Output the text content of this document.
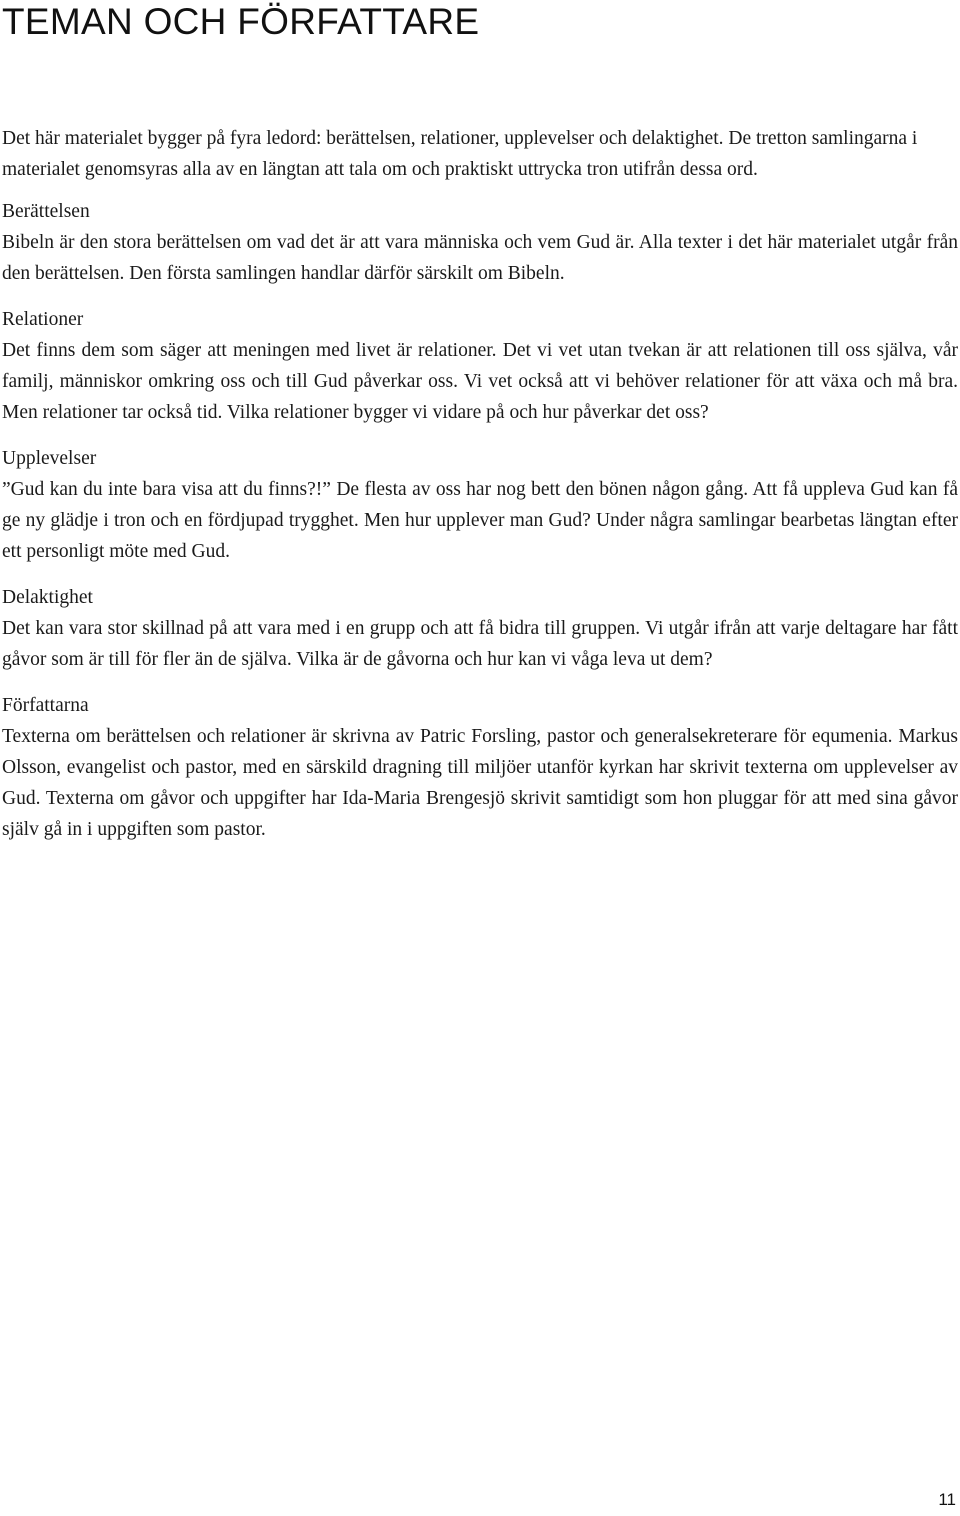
TEMAN OCH FÖRFATTARE

Det här materialet bygger på fyra ledord: berättelsen, relationer, upplevelser och delaktighet. De tretton samlingarna i materialet genomsyras alla av en längtan att tala om och praktiskt uttrycka tron utifrån dessa ord.

Berättelsen

Bibeln är den stora berättelsen om vad det är att vara människa och vem Gud är. Alla texter i det här materialet utgår från den berättelsen. Den första samlingen handlar därför särskilt om Bibeln.

Relationer

Det finns dem som säger att meningen med livet är relationer. Det vi vet utan tvekan är att relationen till oss själva, vår familj, människor omkring oss och till Gud påverkar oss. Vi vet också att vi behöver relationer för att växa och må bra. Men relationer tar också tid. Vilka relationer bygger vi vidare på och hur påverkar det oss?

Upplevelser

”Gud kan du inte bara visa att du finns?!” De flesta av oss har nog bett den bönen någon gång. Att få uppleva Gud kan få ge ny glädje i tron och en fördjupad trygghet. Men hur upplever man Gud? Under några samlingar bearbetas längtan efter ett personligt möte med Gud.

Delaktighet

Det kan vara stor skillnad på att vara med i en grupp och att få bidra till gruppen. Vi utgår ifrån att varje deltagare har fått gåvor som är till för fler än de själva. Vilka är de gåvorna och hur kan vi våga leva ut dem?

Författarna

Texterna om berättelsen och relationer är skrivna av Patric Forsling, pastor och generalsekreterare för equmenia. Markus Olsson, evangelist och pastor, med en särskild dragning till miljöer utanför kyrkan har skrivit texterna om upplevelser av Gud. Texterna om gåvor och uppgifter har Ida-Maria Brengesjö skrivit samtidigt som hon pluggar för att med sina gåvor själv gå in i uppgiften som pastor.

11
